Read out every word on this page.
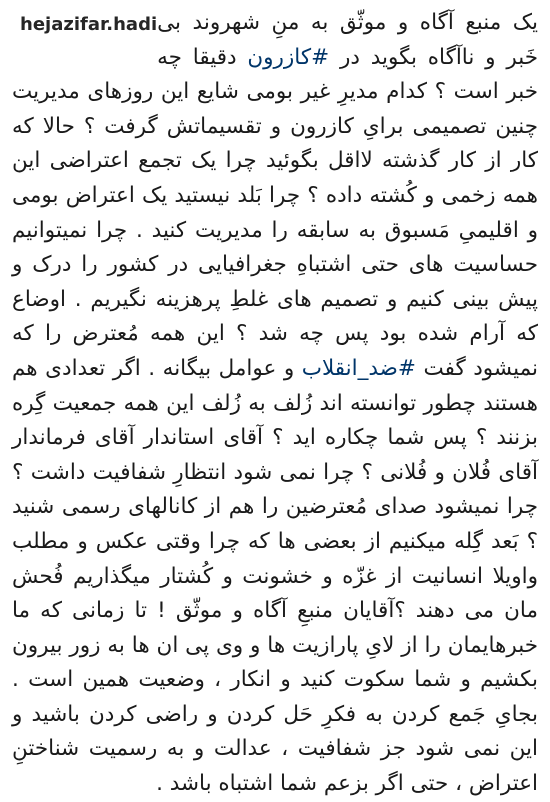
hejazifar.hadi یک منبع آگاه و موثّق به منِ شهروند بی خَبر و ناآگاه بگوید در #کازرون دقیقا چه خبر است ؟ کدام مدیرِ غیر بومی شایع این روزهای مدیریت چنین تصمیمی برایِ کازرون و تقسیماتش گرفت ؟ حالا که کار از کار گذشته لااقل بگوئید چرا یک تجمع اعتراضی این همه زخمی و کُشته داده ؟ چرا بَلد نیستید یک اعتراض بومی و اقلیمیِ مَسبوق به سابقه را مدیریت کنید . چرا نمیتوانیم حساسیت های حتی اشتباهِ جغرافیایی در کشور را درک و پیش بینی کنیم و تصمیم های غلطِ پرهزینه نگیریم . اوضاع که آرام شده بود پس چه شد ؟ این همه مُعترض را که نمیشود گفت #ضد_انقلاب و عوامل بیگانه . اگر تعدادی هم هستند چطور توانسته اند زُلف به زُلف این همه جمعیت گِره بزنند ؟ پس شما چکاره اید ؟ آقای استاندار آقای فرماندار آقای فُلان و فُلانی ؟ چرا نمی شود انتظارِ شفافیت داشت ؟ چرا نمیشود صدای مُعترضین را هم از کانالهای رسمی شنید ؟ بَعد گِله میکنیم از بعضی ها که چرا وقتی عکس و مطلب واویلا انسانیت از غزّه و خشونت و کُشتار میگذاریم فُحش مان می دهند ؟آقایان منبعِ آگاه و موثّق ! تا زمانی که ما خبرهایمان را از لایِ پارازیت ها و وی پی ان ها به زور بیرون بکشیم و شما سکوت کنید و انکار ، وضعیت همین است . بجایِ جَمع کردن به فکرِ حَل کردن و راضی کردن باشید و این نمی شود جز شفافیت ، عدالت و به رسمیت شناختنِ اعتراض ، حتی اگر بزعم شما اشتباه باشد .
